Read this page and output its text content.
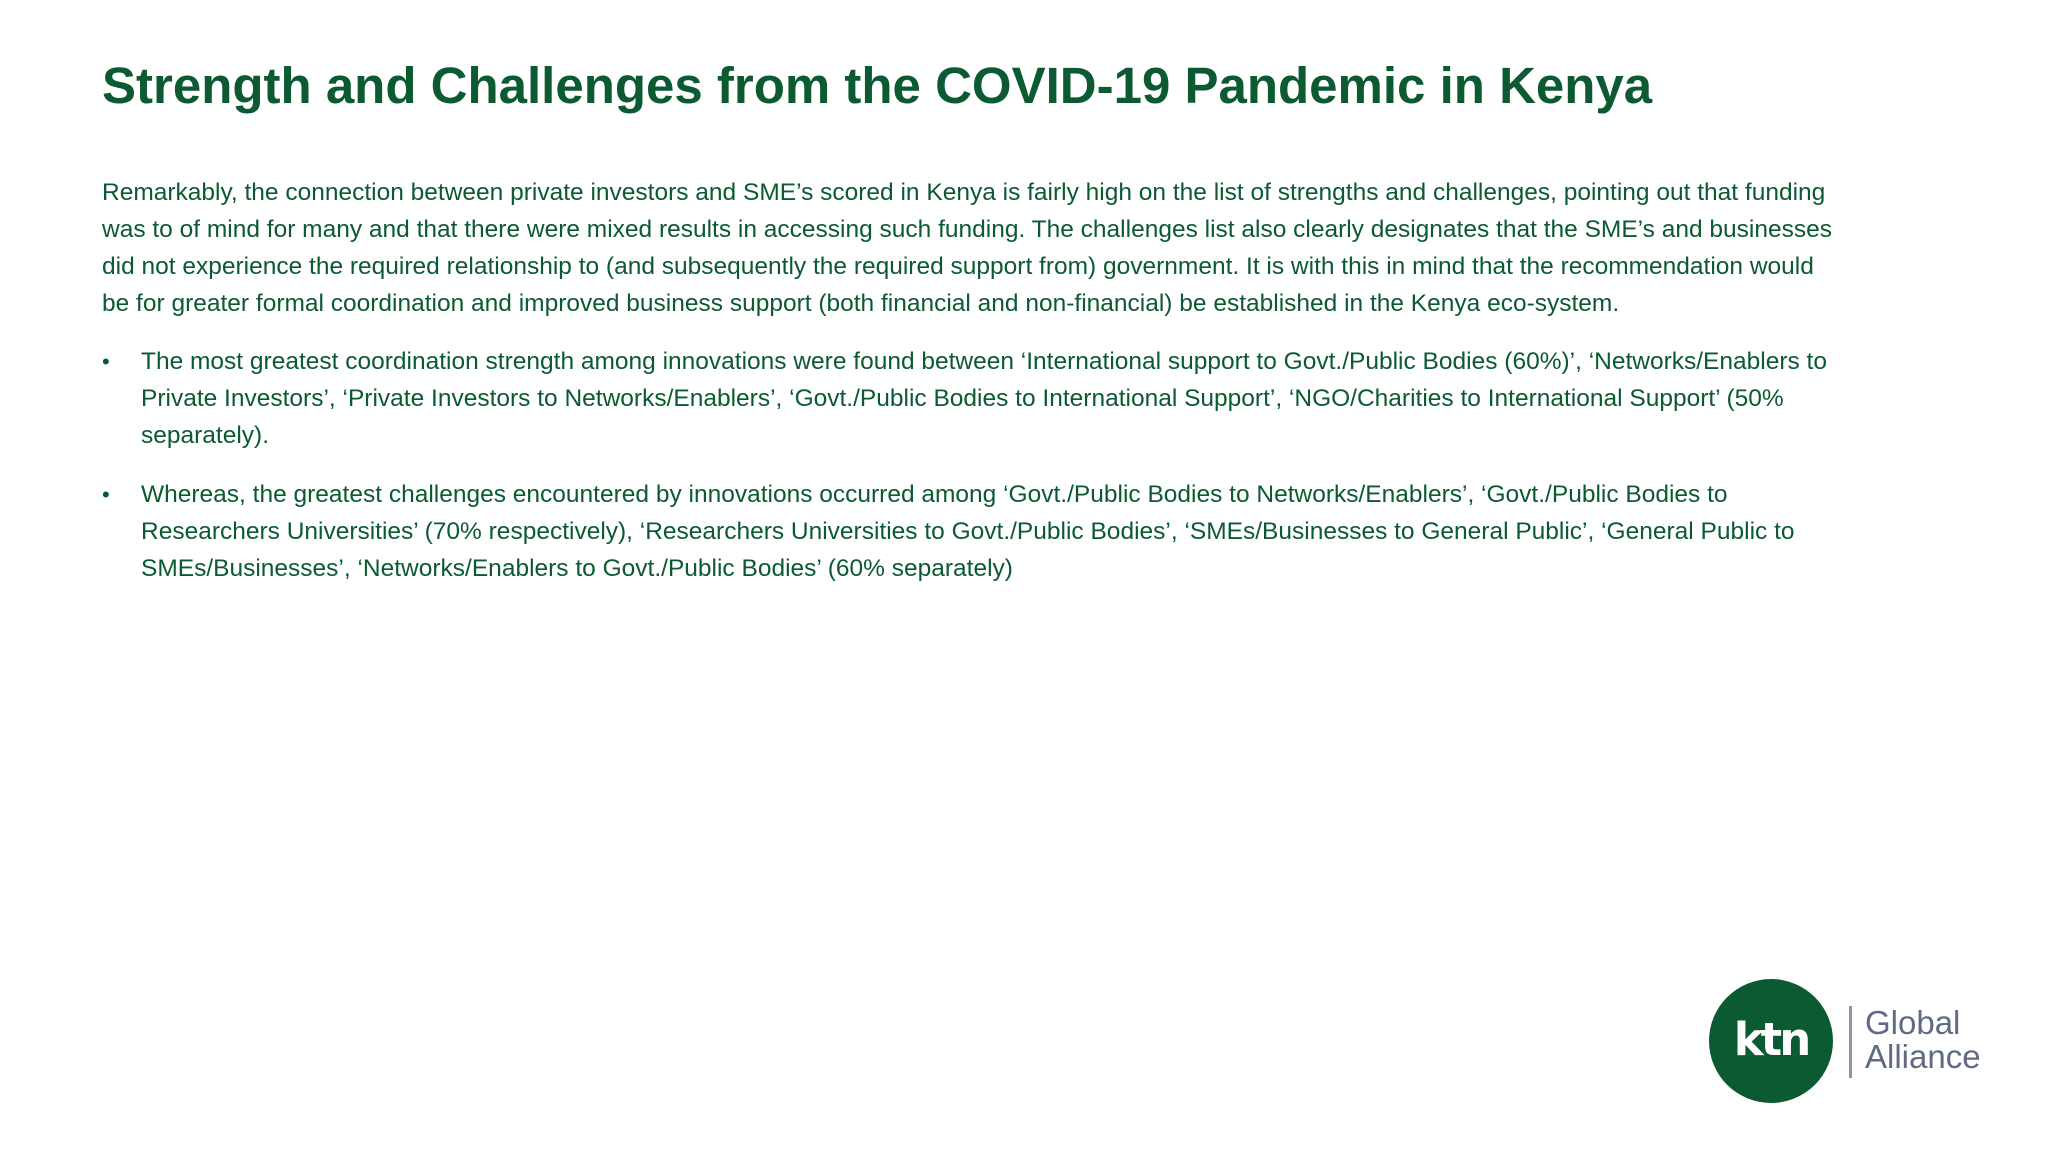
Strength and Challenges from the COVID-19 Pandemic in Kenya

Remarkably, the connection between private investors and SME’s scored in Kenya is fairly high on the list of strengths and challenges, pointing out that funding was to of mind for many and that there were mixed results in accessing such funding. The challenges list also clearly designates that the SME’s and businesses did not experience the required relationship to (and subsequently the required support from) government. It is with this in mind that the recommendation would be for greater formal coordination and improved business support (both financial and non-financial) be established in the Kenya eco-system.

•	The most greatest coordination strength among innovations were found between ‘International support to Govt./Public Bodies (60%)’, ‘Networks/Enablers to Private Investors’, ‘Private Investors to Networks/Enablers’, ‘Govt./Public Bodies to International Support’, ‘NGO/Charities to International Support’ (50% separately).
•	Whereas, the greatest challenges encountered by innovations occurred among ‘Govt./Public Bodies to Networks/Enablers’, ‘Govt./Public Bodies to Researchers Universities’ (70% respectively), ‘Researchers Universities to Govt./Public Bodies’, ‘SMEs/Businesses to General Public’, ‘General Public to SMEs/Businesses’, ‘Networks/Enablers to Govt./Public Bodies’ (60% separately)
ktn Global
Alliance
